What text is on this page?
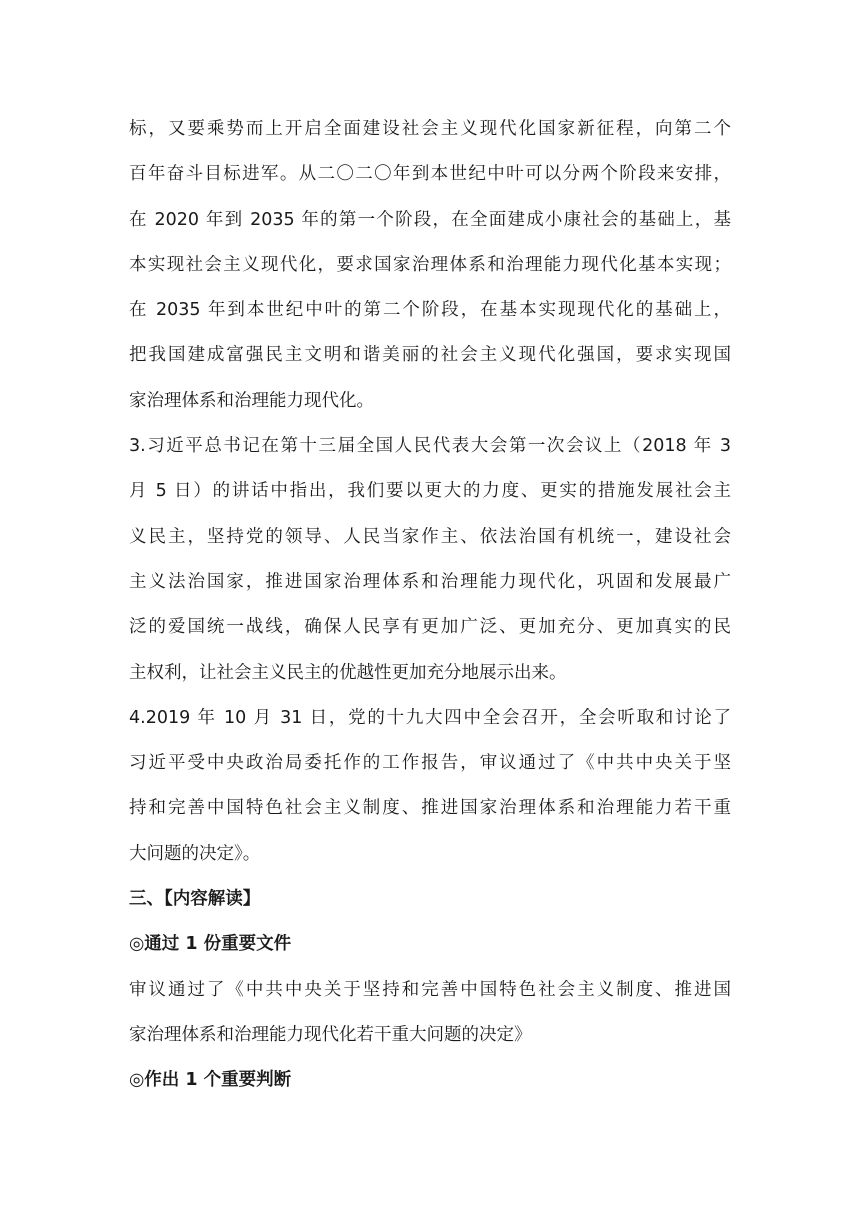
标，又要乘势而上开启全面建设社会主义现代化国家新征程，向第二个
百年奋斗目标进军。从二〇二〇年到本世纪中叶可以分两个阶段来安排，
在 2020 年到 2035 年的第一个阶段，在全面建成小康社会的基础上，基
本实现社会主义现代化，要求国家治理体系和治理能力现代化基本实现；
在 2035 年到本世纪中叶的第二个阶段，在基本实现现代化的基础上，
把我国建成富强民主文明和谐美丽的社会主义现代化强国，要求实现国
家治理体系和治理能力现代化。
3.习近平总书记在第十三届全国人民代表大会第一次会议上（2018 年 3
月 5 日）的讲话中指出，我们要以更大的力度、更实的措施发展社会主
义民主，坚持党的领导、人民当家作主、依法治国有机统一，建设社会
主义法治国家，推进国家治理体系和治理能力现代化，巩固和发展最广
泛的爱国统一战线，确保人民享有更加广泛、更加充分、更加真实的民
主权利，让社会主义民主的优越性更加充分地展示出来。
4.2019 年 10 月 31 日，党的十九大四中全会召开，全会听取和讨论了
习近平受中央政治局委托作的工作报告，审议通过了《中共中央关于坚
持和完善中国特色社会主义制度、推进国家治理体系和治理能力若干重
大问题的决定》。
三、【内容解读】
◎通过 1 份重要文件
审议通过了《中共中央关于坚持和完善中国特色社会主义制度、推进国
家治理体系和治理能力现代化若干重大问题的决定》
◎作出 1 个重要判断
